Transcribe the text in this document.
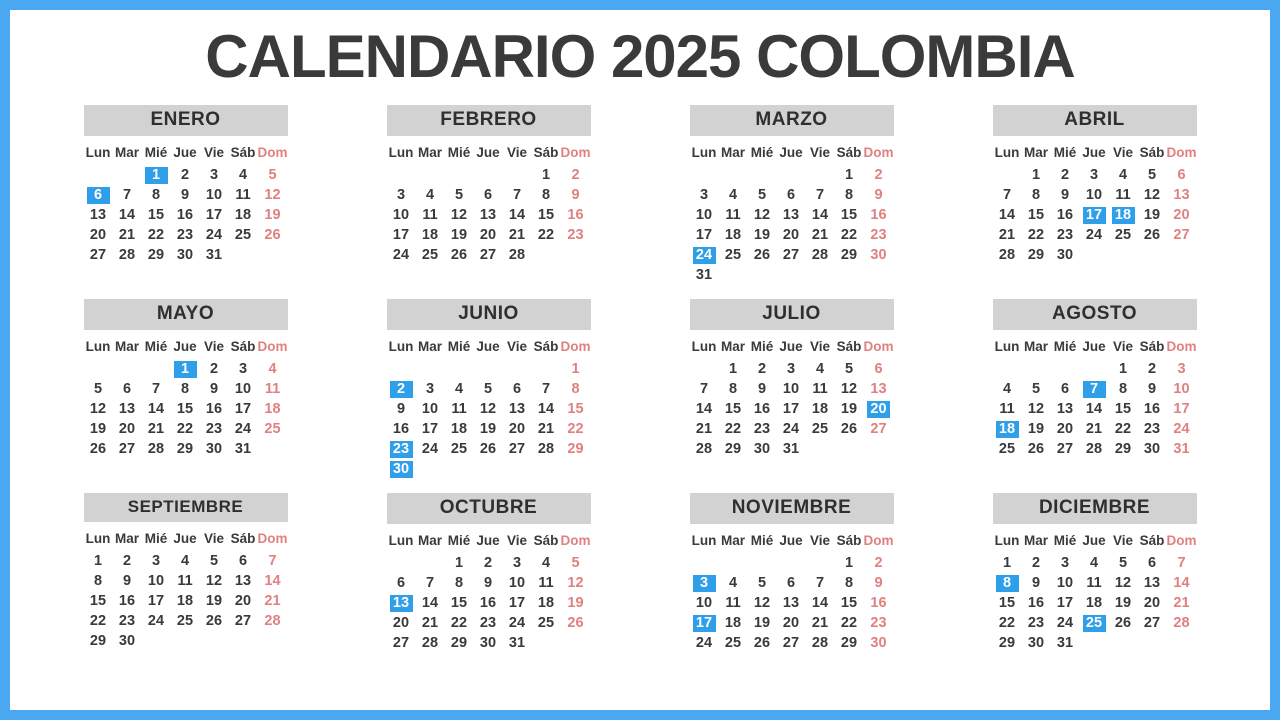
CALENDARIO 2025 COLOMBIA
ENERO
Lun	Mar	Mié	Jue	Vie	Sáb	Dom
		1	2	3	4	5
6	7	8	9	10	11	12
13	14	15	16	17	18	19
20	21	22	23	24	25	26
27	28	29	30	31		
FEBRERO
Lun	Mar	Mié	Jue	Vie	Sáb	Dom
					1	2
3	4	5	6	7	8	9
10	11	12	13	14	15	16
17	18	19	20	21	22	23
24	25	26	27	28		
MARZO
Lun	Mar	Mié	Jue	Vie	Sáb	Dom
					1	2
3	4	5	6	7	8	9
10	11	12	13	14	15	16
17	18	19	20	21	22	23
24	25	26	27	28	29	30
31						
ABRIL
Lun	Mar	Mié	Jue	Vie	Sáb	Dom
	1	2	3	4	5	6
7	8	9	10	11	12	13
14	15	16	17	18	19	20
21	22	23	24	25	26	27
28	29	30				
MAYO
Lun	Mar	Mié	Jue	Vie	Sáb	Dom
			1	2	3	4
5	6	7	8	9	10	11
12	13	14	15	16	17	18
19	20	21	22	23	24	25
26	27	28	29	30	31	
JUNIO
Lun	Mar	Mié	Jue	Vie	Sáb	Dom
						1
2	3	4	5	6	7	8
9	10	11	12	13	14	15
16	17	18	19	20	21	22
23	24	25	26	27	28	29
30						
JULIO
Lun	Mar	Mié	Jue	Vie	Sáb	Dom
	1	2	3	4	5	6
7	8	9	10	11	12	13
14	15	16	17	18	19	20
21	22	23	24	25	26	27
28	29	30	31			
AGOSTO
Lun	Mar	Mié	Jue	Vie	Sáb	Dom
				1	2	3
4	5	6	7	8	9	10
11	12	13	14	15	16	17
18	19	20	21	22	23	24
25	26	27	28	29	30	31
SEPTIEMBRE
Lun	Mar	Mié	Jue	Vie	Sáb	Dom
1	2	3	4	5	6	7
8	9	10	11	12	13	14
15	16	17	18	19	20	21
22	23	24	25	26	27	28
29	30					
OCTUBRE
Lun	Mar	Mié	Jue	Vie	Sáb	Dom
		1	2	3	4	5
6	7	8	9	10	11	12
13	14	15	16	17	18	19
20	21	22	23	24	25	26
27	28	29	30	31		
NOVIEMBRE
Lun	Mar	Mié	Jue	Vie	Sáb	Dom
					1	2
3	4	5	6	7	8	9
10	11	12	13	14	15	16
17	18	19	20	21	22	23
24	25	26	27	28	29	30
DICIEMBRE
Lun	Mar	Mié	Jue	Vie	Sáb	Dom
1	2	3	4	5	6	7
8	9	10	11	12	13	14
15	16	17	18	19	20	21
22	23	24	25	26	27	28
29	30	31				
